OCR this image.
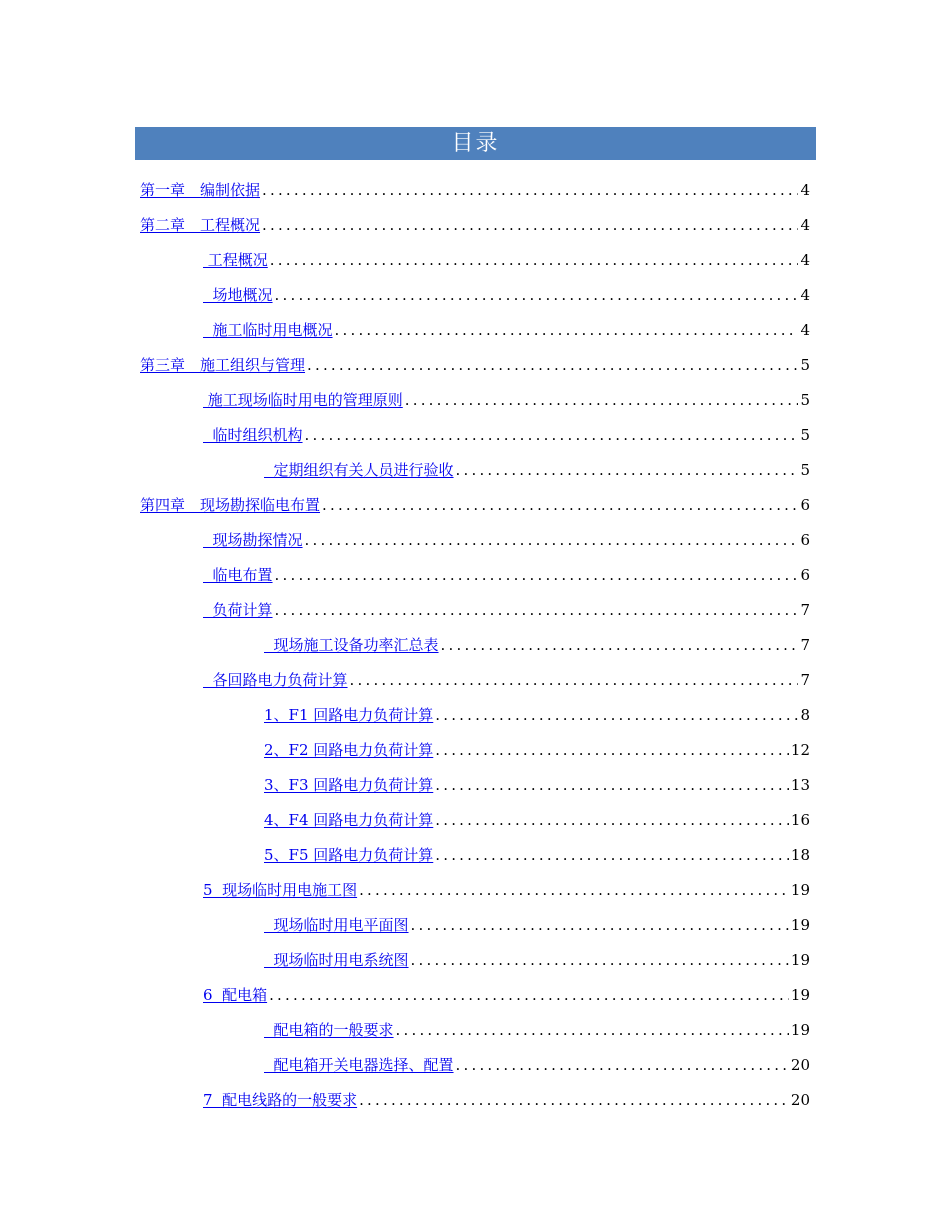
目录
第一章　编制依据 .....	4
第二章　工程概况 .....	4
工程概况 .....	4
场地概况 .....	4
施工临时用电概况 .....	4
第三章　施工组织与管理 .....	5
施工现场临时用电的管理原则 .....	5
临时组织机构 .....	5
定期组织有关人员进行验收 .....	5
第四章　现场勘探临电布置 .....	6
现场勘探情况 .....	6
临电布置 .....	6
负荷计算 .....	7
现场施工设备功率汇总表 .....	7
各回路电力负荷计算 .....	7
1、F1 回路电力负荷计算 .....	8
2、F2 回路电力负荷计算 .....	12
3、F3 回路电力负荷计算 .....	13
4、F4 回路电力负荷计算 .....	16
5、F5 回路电力负荷计算 .....	18
5  现场临时用电施工图 .....	19
现场临时用电平面图 .....	19
现场临时用电系统图 .....	19
6  配电箱 .....	19
配电箱的一般要求 .....	19
配电箱开关电器选择、配置 .....	20
7  配电线路的一般要求 .....	20
